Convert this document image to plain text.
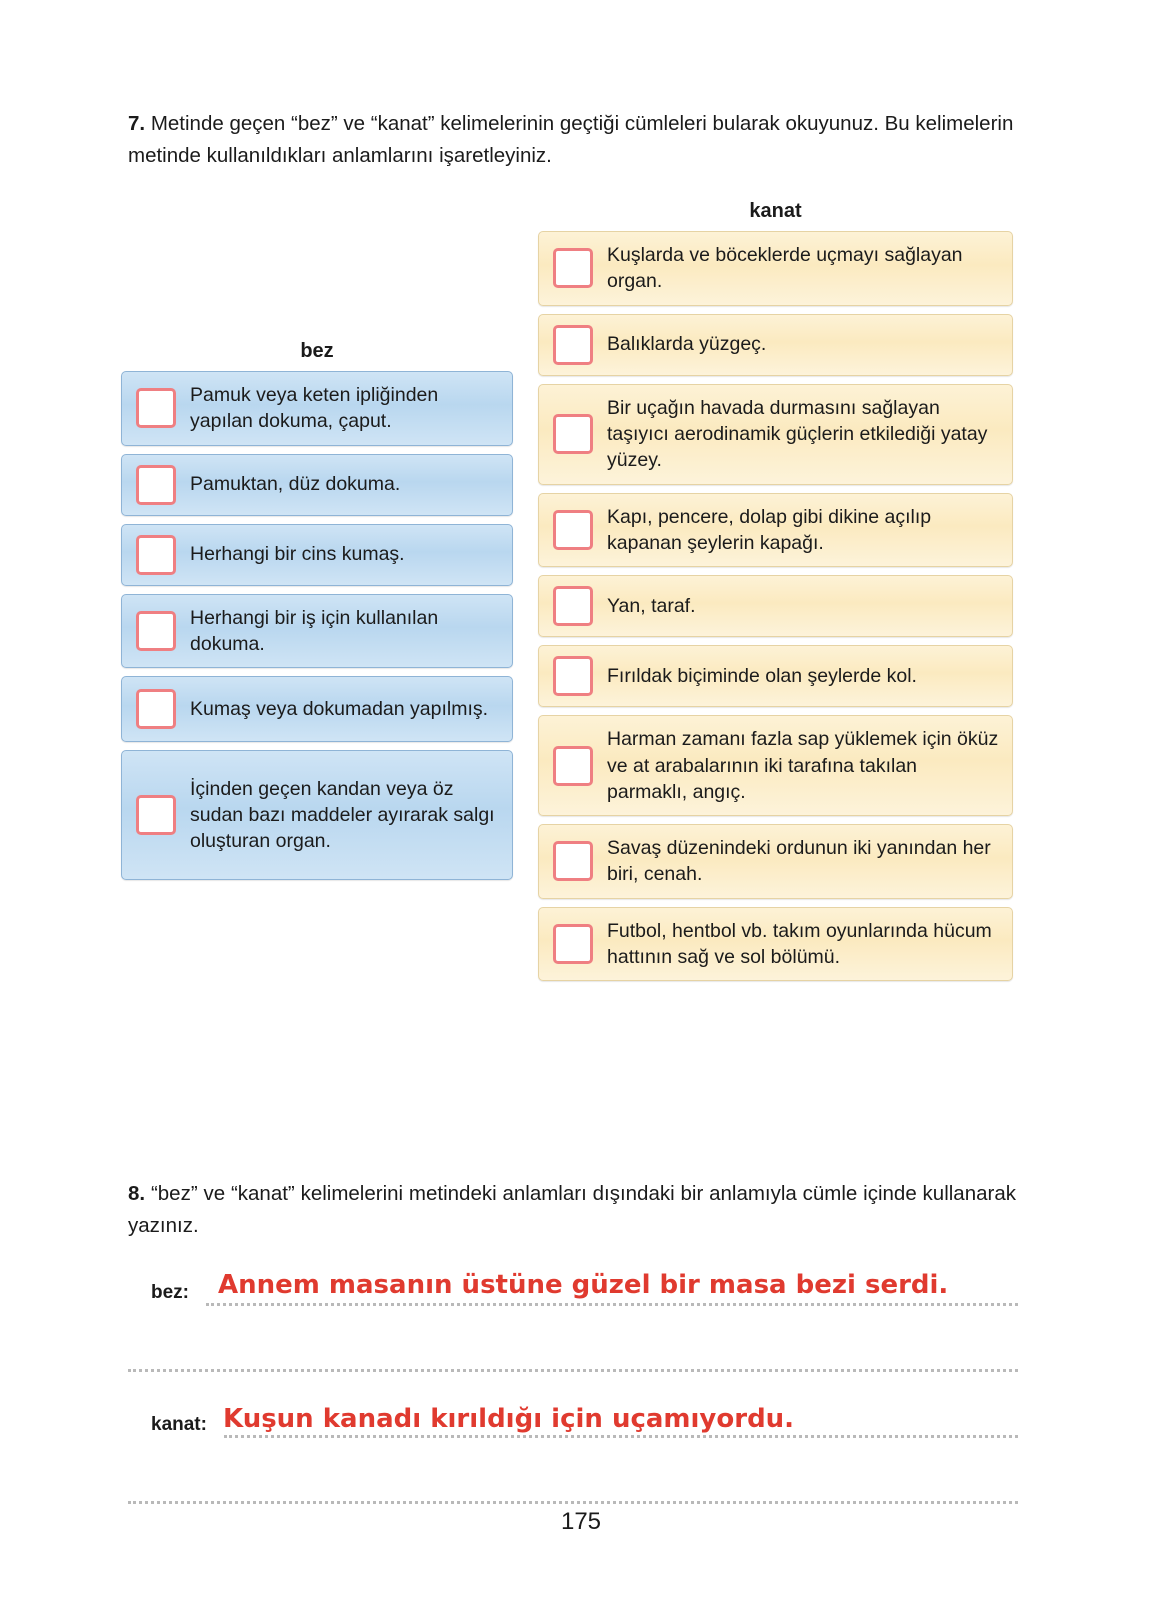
7. Metinde geçen “bez” ve “kanat” kelimelerinin geçtiği cümleleri bularak okuyunuz. Bu kelimelerin metinde kullanıldıkları anlamlarını işaretleyiniz.
bez
Pamuk veya keten ipliğinden yapılan dokuma, çaput.
Pamuktan, düz dokuma.
Herhangi bir cins kumaş.
Herhangi bir iş için kullanılan dokuma.
Kumaş veya dokumadan yapılmış.
İçinden geçen kandan veya öz sudan bazı maddeler ayırarak salgı oluşturan organ.
kanat
Kuşlarda ve böceklerde uçmayı sağlayan organ.
Balıklarda yüzgeç.
Bir uçağın havada durmasını sağlayan taşıyıcı aerodinamik güçlerin etkilediği yatay yüzey.
Kapı, pencere, dolap gibi dikine açılıp kapanan şeylerin kapağı.
Yan, taraf.
Fırıldak biçiminde olan şeylerde kol.
Harman zamanı fazla sap yüklemek için öküz ve at arabalarının iki tarafına takılan parmaklı, angıç.
Savaş düzenindeki ordunun iki yanından her biri, cenah.
Futbol, hentbol vb. takım oyunlarında hücum hattının sağ ve sol bölümü.
8. “bez” ve “kanat” kelimelerini metindeki anlamları dışındaki bir anlamıyla cümle içinde kullanarak yazınız.
Annem masanın üstüne güzel bir masa bezi serdi.
bez:
Kuşun kanadı kırıldığı için uçamıyordu.
kanat:
175
